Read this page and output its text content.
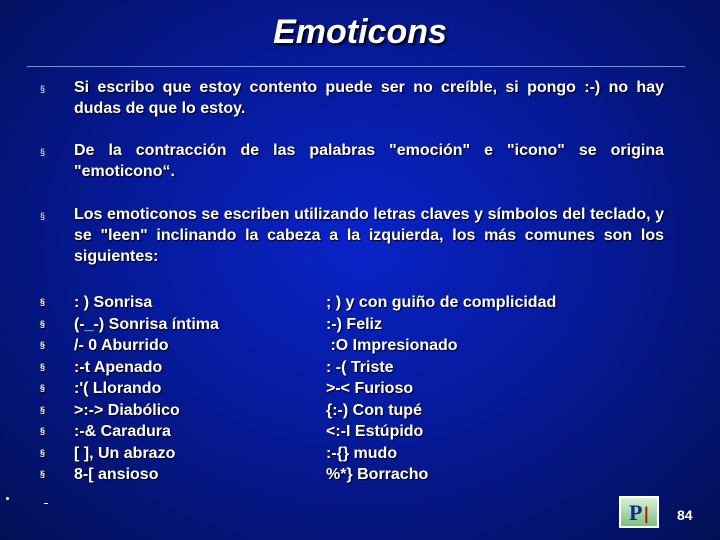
Emoticons
§ Si escribo que estoy contento puede ser no creíble, si pongo :-) no hay dudas de que lo estoy.
§ De la contracción de las palabras "emoción" e "icono" se origina "emoticono“.
§ Los emoticonos se escriben utilizando letras claves y símbolos del teclado, y se "leen" inclinando la cabeza a la izquierda, los más comunes son los siguientes:
§
§
§
§
§
§
§
§
§
: ) Sonrisa
(-_-) Sonrisa íntima
/- 0 Aburrido
:-t Apenado
:'( Llorando
>:-> Diabólico
:-& Caradura
[ ], Un abrazo
8-[ ansioso
; ) y con guiño de complicidad
:-) Feliz
:O Impresionado
: -( Triste
>-< Furioso
{:-) Con tupé
<:-I Estúpido
:-{} mudo
%*} Borracho
P
❘ 84
